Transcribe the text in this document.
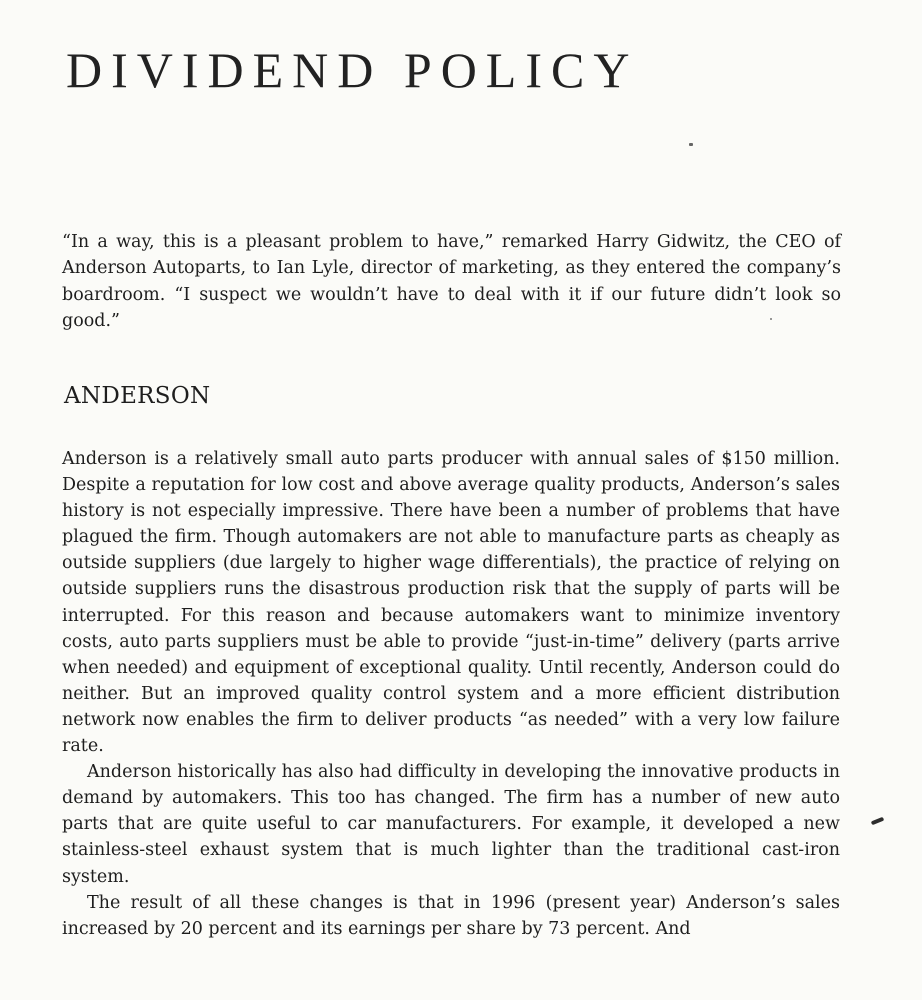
DIVIDEND POLICY

“In a way, this is a pleasant problem to have,” remarked Harry Gidwitz, the CEO of Anderson Autoparts, to Ian Lyle, director of marketing, as they entered the company’s boardroom. “I suspect we wouldn’t have to deal with it if our future didn’t look so good.”

ANDERSON

Anderson is a relatively small auto parts producer with annual sales of $150 million. Despite a reputation for low cost and above average quality products, Anderson’s sales history is not especially impressive. There have been a number of problems that have plagued the firm. Though automakers are not able to manufacture parts as cheaply as outside suppliers (due largely to higher wage differentials), the practice of relying on outside suppliers runs the disastrous production risk that the supply of parts will be interrupted. For this reason and because automakers want to minimize inventory costs, auto parts suppliers must be able to provide “just-in-time” delivery (parts arrive when needed) and equipment of exceptional quality. Until recently, Anderson could do neither. But an improved quality control system and a more efficient distribution network now enables the firm to deliver products “as needed” with a very low failure rate.

Anderson historically has also had difficulty in developing the innovative products in demand by automakers. This too has changed. The firm has a number of new auto parts that are quite useful to car manufacturers. For example, it developed a new stainless-steel exhaust system that is much lighter than the traditional cast-iron system.

The result of all these changes is that in 1996 (present year) Anderson’s sales increased by 20 percent and its earnings per share by 73 percent. And
